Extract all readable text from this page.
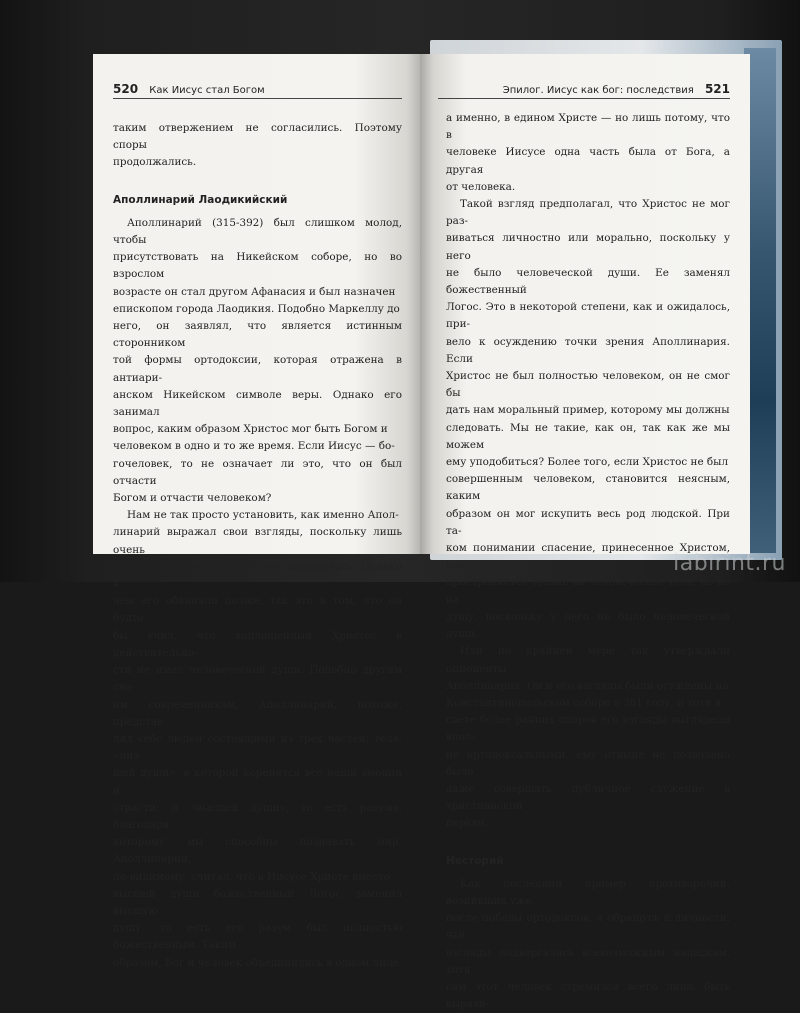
520 Как Иисус стал Богом

таким отвержением не согласились. Поэтому споры

продолжались.

Аполлинарий Лаодикийский

Аполлинарий (315-392) был слишком молод, чтобы

присутствовать на Никейском соборе, но во взрослом

возрасте он стал другом Афанасия и был назначен

епископом города Лаодикия. Подобно Маркеллу до

него, он заявлял, что является истинным сторонником

той формы ортодоксии, которая отражена в антиари-

анском Никейском символе веры. Однако его занимал

вопрос, каким образом Христос мог быть Богом и

человеком в одно и то же время. Если Иисус — бо-

гочеловек, то не означает ли это, что он был отчасти

Богом и отчасти человеком?

Нам не так просто установить, как именно Апол-

линарий выражал свои взгляды, поскольку лишь очень

немногое из написанного им сохранилось. Однако в

чем его обвиняли позже, так это в том, что он будто

бы учил, что воплощенный Христос в действительно-

сти не имел человеческой души. Подобно другим сво-

им современникам, Аполлинарий, похоже, представ-

лял себе людей состоящими из трех частей: тела, «низ-

шей души», в которой коренятся все наши эмоции и

страсти; и «высшей души», то есть разума, благодаря

которому мы способны познавать мир. Аполлинарий,

по-видимому, считал, что в Иисусе Христе вместо

высшей души божественный Логос заменил высшую

душу, то есть его разум был полностью божественным. Таким

образом, Бог и человек объединились в одном лице

Эпилог. Иисус как бог: последствия 521

а именно, в едином Христе — но лишь потому, что в

человеке Иисусе одна часть была от Бога, а другая

от человека.

Такой взгляд предполагал, что Христос не мог раз-

виваться личностно или морально, поскольку у него

не было человеческой души. Ее заменял божественный

Логос. Это в некоторой степени, как и ожидалось, при-

вело к осуждению точки зрения Аполлинария. Если

Христос не был полностью человеком, он не смог бы

дать нам моральный пример, которому мы должны

следовать. Мы не такие, как он, так как же мы можем

ему уподобиться? Более того, если Христос не был

совершенным человеком, становится неясным, каким

образом он мог искупить весь род людской. При та-

ком понимании спасение, принесенное Христом, рас-

пространяется только на человеческое тело, но не на

душу, поскольку у него не было человеческой души.

Или по крайней мере так утверждали оппоненты

Аполлинария. Он и его взгляды были осуждены на

Константинопольском соборе в 381 году, и хотя в

свете более ранних споров его взгляды выглядели впол-

не ортодоксальными, ему отныне не позволено было

даже совершать публичное служение в христианской

церкви.

Несторий

Как последний пример противоречий, возникших уже

после победы ортодоксов, я обращусь к личности, чьи

взгляды подвергались всевозможным нападкам, хотя

сам этот человек стремился всего лишь быть вырази-

labirint.ru
